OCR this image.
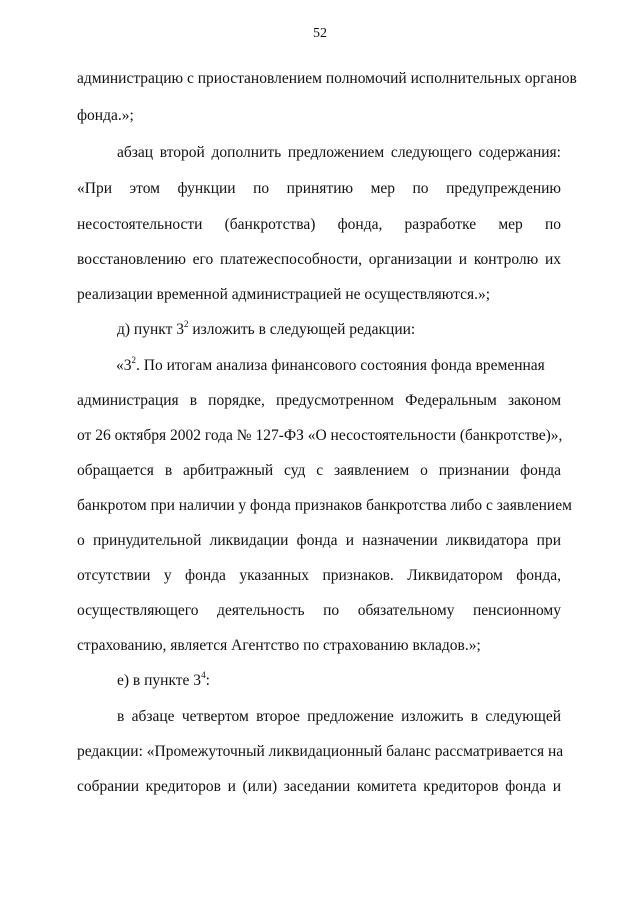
52
администрацию с приостановлением полномочий исполнительных органов
фонда.»;
абзац второй дополнить предложением следующего содержания:
«При этом функции по принятию мер по предупреждению
несостоятельности (банкротства) фонда, разработке мер по
восстановлению его платежеспособности, организации и контролю их
реализации временной администрацией не осуществляются.»;
д) пункт $3^2$ изложить в следующей редакции:
«$3^2$. По итогам анализа финансового состояния фонда временная
администрация в порядке, предусмотренном Федеральным законом
от 26 октября 2002 года № 127-ФЗ «О несостоятельности (банкротстве)»,
обращается в арбитражный суд с заявлением о признании фонда
банкротом при наличии у фонда признаков банкротства либо с заявлением
о принудительной ликвидации фонда и назначении ликвидатора при
отсутствии у фонда указанных признаков. Ликвидатором фонда,
осуществляющего деятельность по обязательному пенсионному
страхованию, является Агентство по страхованию вкладов.»;
е) в пункте $3^4$:
в абзаце четвертом второе предложение изложить в следующей
редакции: «Промежуточный ликвидационный баланс рассматривается на
собрании кредиторов и (или) заседании комитета кредиторов фонда и
